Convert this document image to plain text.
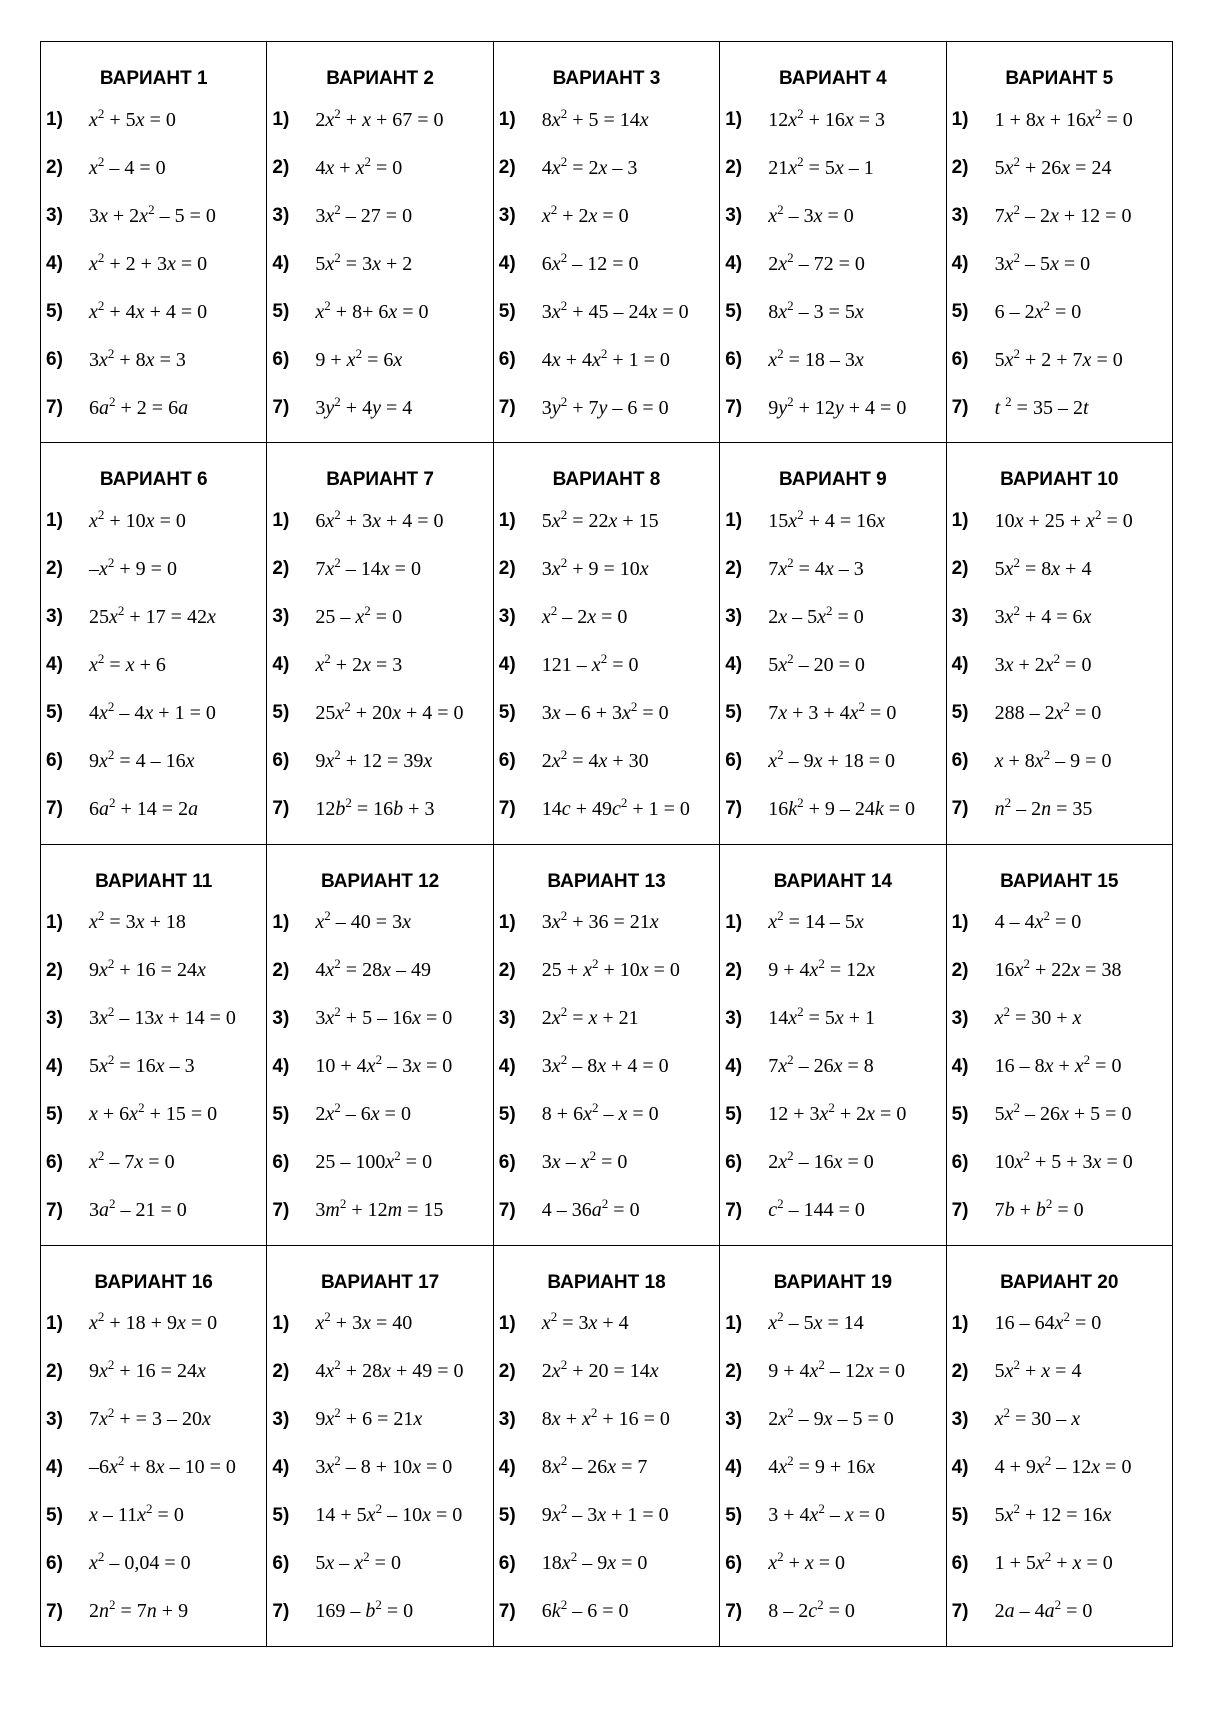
ВАРИАНТ 1
1)	$x^2 + 5x = 0$
2)	$x^2 - 4 = 0$
3)	$3x + 2x^2 - 5 = 0$
4)	$x^2 + 2 + 3x = 0$
5)	$x^2 + 4x + 4 = 0$
6)	$3x^2 + 8x = 3$
7)	$6a^2 + 2 = 6a$
ВАРИАНТ 2
1)	$2x^2 + x + 67 = 0$
2)	$4x + x^2 = 0$
3)	$3x^2 - 27 = 0$
4)	$5x^2 = 3x + 2$
5)	$x^2 + 8+ 6x = 0$
6)	$9 + x^2 = 6x$
7)	$3y^2 + 4y = 4$
ВАРИАНТ 3
1)	$8x^2 + 5 = 14x$
2)	$4x^2 = 2x - 3$
3)	$x^2 + 2x = 0$
4)	$6x^2 - 12 = 0$
5)	$3x^2 + 45 - 24x = 0$
6)	$4x + 4x^2 + 1 = 0$
7)	$3y^2 + 7y - 6 = 0$
ВАРИАНТ 4
1)	$12x^2 + 16x = 3$
2)	$21x^2 = 5x - 1$
3)	$x^2 - 3x = 0$
4)	$2x^2 - 72 = 0$
5)	$8x^2 - 3 = 5x$
6)	$x^2 = 18 - 3x$
7)	$9y^2 + 12y + 4 = 0$
ВАРИАНТ 5
1)	$1 + 8x + 16x^2 = 0$
2)	$5x^2 + 26x = 24$
3)	$7x^2 - 2x + 12 = 0$
4)	$3x^2 - 5x = 0$
5)	$6 - 2x^2 = 0$
6)	$5x^2 + 2 + 7x = 0$
7)	t $^2$ = 35 – 2t
ВАРИАНТ 6
1)	$x^2 + 10x = 0$
2)	$-x^2 + 9 = 0$
3)	$25x^2 + 17 = 42x$
4)	$x^2 = x + 6$
5)	$4x^2 - 4x + 1 = 0$
6)	$9x^2 = 4 - 16x$
7)	$6a^2 + 14 = 2a$
ВАРИАНТ 7
1)	$6x^2 + 3x + 4 = 0$
2)	$7x^2 - 14x = 0$
3)	$25 - x^2 = 0$
4)	$x^2 + 2x = 3$
5)	$25x^2 + 20x + 4 = 0$
6)	$9x^2 + 12 = 39x$
7)	$12b^2 = 16b + 3$
ВАРИАНТ 8
1)	$5x^2 = 22x + 15$
2)	$3x^2 + 9 = 10x$
3)	$x^2 - 2x = 0$
4)	$121 - x^2 = 0$
5)	$3x - 6 + 3x^2 = 0$
6)	$2x^2 = 4x + 30$
7)	$14c + 49c^2 + 1 = 0$
ВАРИАНТ 9
1)	$15x^2 + 4 = 16x$
2)	$7x^2 = 4x - 3$
3)	$2x - 5x^2 = 0$
4)	$5x^2 - 20 = 0$
5)	$7x + 3 + 4x^2 = 0$
6)	$x^2 - 9x + 18 = 0$
7)	$16k^2 + 9 - 24k = 0$
ВАРИАНТ 10
1)	$10x + 25 + x^2 = 0$
2)	$5x^2 = 8x + 4$
3)	$3x^2 + 4 = 6x$
4)	$3x + 2x^2 = 0$
5)	$288 - 2x^2 = 0$
6)	$x + 8x^2 - 9 = 0$
7)	$n^2 - 2n = 35$
ВАРИАНТ 11
1)	$x^2 = 3x + 18$
2)	$9x^2 + 16 = 24x$
3)	$3x^2 - 13x + 14 = 0$
4)	$5x^2 = 16x - 3$
5)	$x + 6x^2 + 15 = 0$
6)	$x^2 - 7x = 0$
7)	$3a^2 - 21 = 0$
ВАРИАНТ 12
1)	$x^2 - 40 = 3x$
2)	$4x^2 = 28x - 49$
3)	$3x^2 + 5 - 16x = 0$
4)	$10 + 4x^2 - 3x = 0$
5)	$2x^2 - 6x = 0$
6)	$25 - 100x^2 = 0$
7)	$3m^2 + 12m = 15$
ВАРИАНТ 13
1)	$3x^2 + 36 = 21x$
2)	$25 + x^2 + 10x = 0$
3)	$2x^2 = x + 21$
4)	$3x^2 - 8x + 4 = 0$
5)	$8 + 6x^2 - x = 0$
6)	$3x - x^2 = 0$
7)	$4 - 36a^2 = 0$
ВАРИАНТ 14
1)	$x^2 = 14 - 5x$
2)	$9 + 4x^2 = 12x$
3)	$14x^2 = 5x + 1$
4)	$7x^2 - 26x = 8$
5)	$12 + 3x^2 + 2x = 0$
6)	$2x^2 - 16x = 0$
7)	$c^2 - 144 = 0$
ВАРИАНТ 15
1)	$4 - 4x^2 = 0$
2)	$16x^2 + 22x = 38$
3)	$x^2 = 30 + x$
4)	$16 - 8x + x^2 = 0$
5)	$5x^2 - 26x + 5 = 0$
6)	$10x^2 + 5 + 3x = 0$
7)	$7b + b^2 = 0$
ВАРИАНТ 16
1)	$x^2 + 18 + 9x = 0$
2)	$9x^2 + 16 = 24x$
3)	$7x^2$ + = 3 – 20x
4)	$-6x^2 + 8x - 10 = 0$
5)	$x - 11x^2 = 0$
6)	$x^2 - 0,04 = 0$
7)	$2n^2 = 7n + 9$
ВАРИАНТ 17
1)	$x^2 + 3x = 40$
2)	$4x^2 + 28x + 49 = 0$
3)	$9x^2 + 6 = 21x$
4)	$3x^2 - 8 + 10x = 0$
5)	$14 + 5x^2 - 10x = 0$
6)	$5x - x^2 = 0$
7)	$169 - b^2 = 0$
ВАРИАНТ 18
1)	$x^2 = 3x + 4$
2)	$2x^2 + 20 = 14x$
3)	$8x + x^2 + 16 = 0$
4)	$8x^2 - 26x = 7$
5)	$9x^2 - 3x + 1 = 0$
6)	$18x^2 - 9x = 0$
7)	$6k^2 - 6 = 0$
ВАРИАНТ 19
1)	$x^2 - 5x = 14$
2)	$9 + 4x^2 - 12x = 0$
3)	$2x^2 - 9x - 5 = 0$
4)	$4x^2 = 9 + 16x$
5)	$3 + 4x^2 - x = 0$
6)	$x^2 + x = 0$
7)	$8 - 2c^2 = 0$
ВАРИАНТ 20
1)	$16 - 64x^2 = 0$
2)	$5x^2 + x = 4$
3)	$x^2 = 30 - x$
4)	$4 + 9x^2 - 12x = 0$
5)	$5x^2 + 12 = 16x$
6)	$1 + 5x^2 + x = 0$
7)	$2a - 4a^2 = 0$
